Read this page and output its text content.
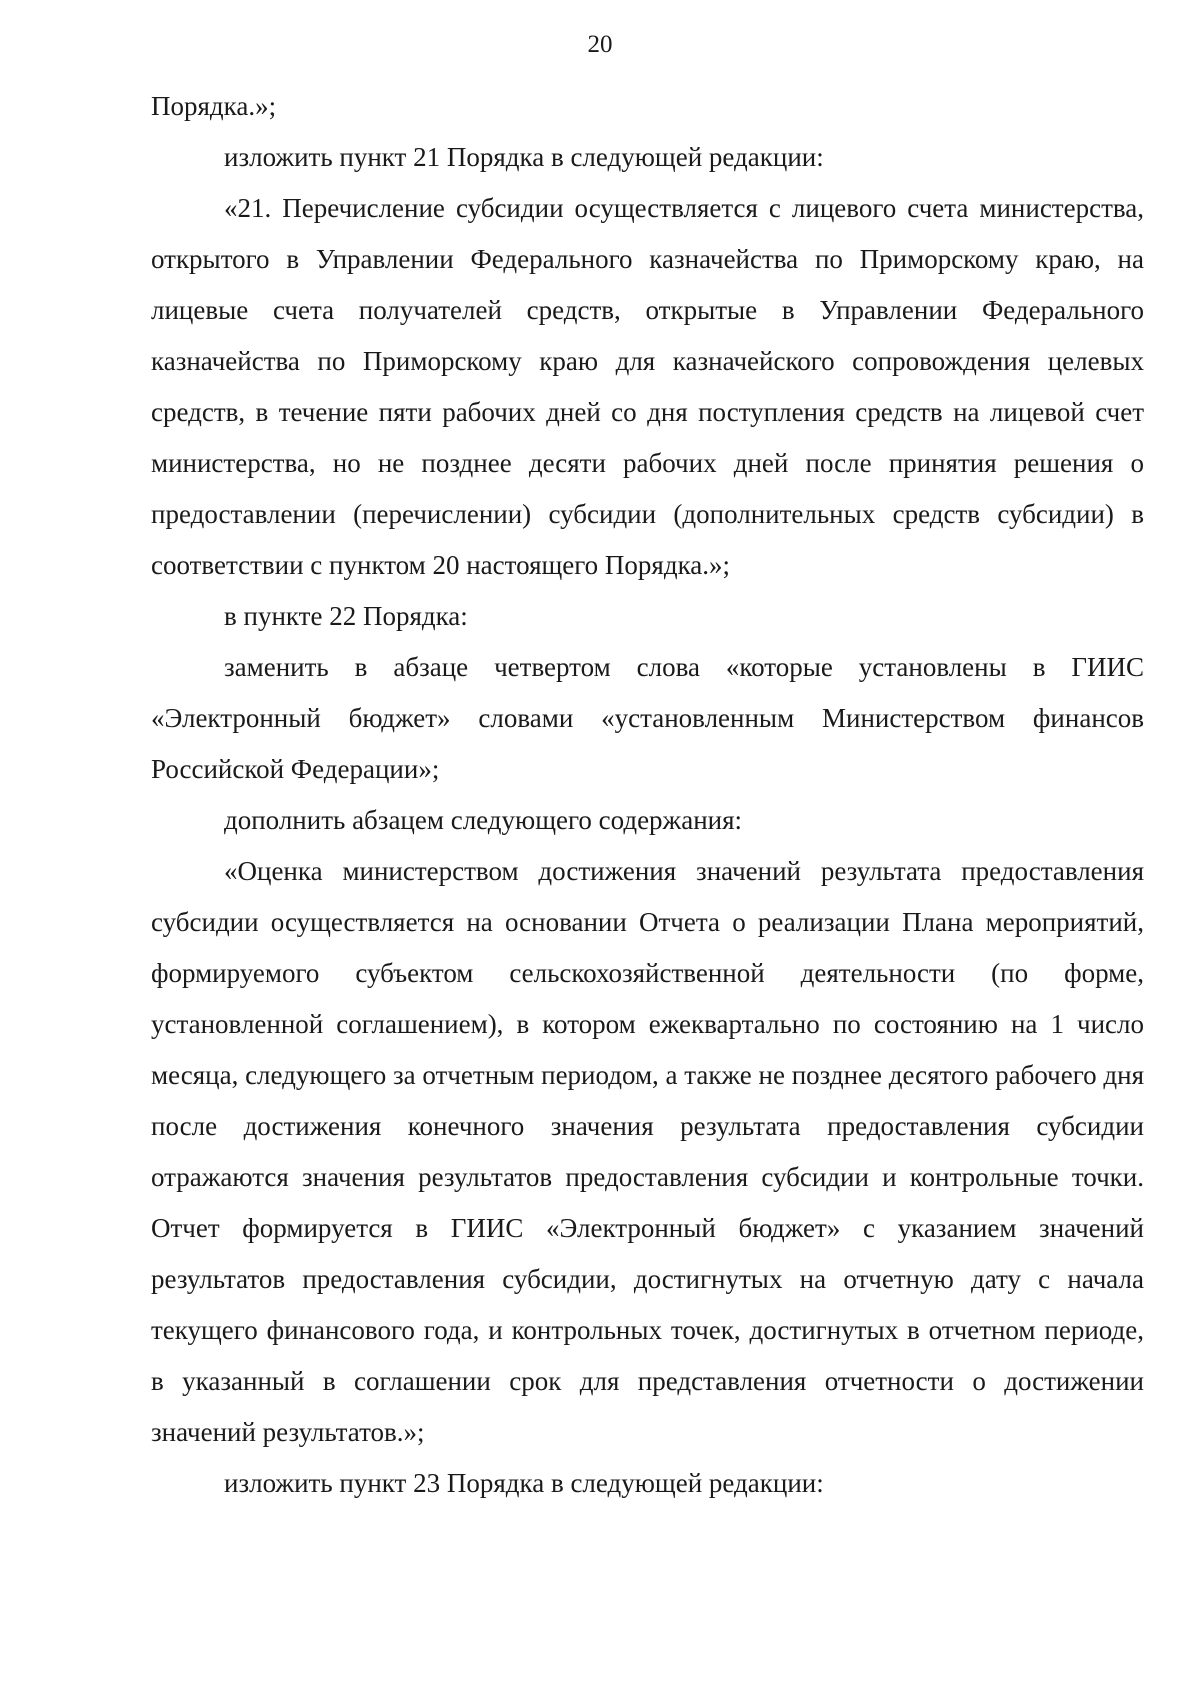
20

Порядка.»;

изложить пункт 21 Порядка в следующей редакции:

«21. Перечисление субсидии осуществляется с лицевого счета министерства, открытого в Управлении Федерального казначейства по Приморскому краю, на лицевые счета получателей средств, открытые в Управлении Федерального казначейства по Приморскому краю для казначейского сопровождения целевых средств, в течение пяти рабочих дней со дня поступления средств на лицевой счет министерства, но не позднее десяти рабочих дней после принятия решения о предоставлении (перечислении) субсидии (дополнительных средств субсидии) в соответствии с пунктом 20 настоящего Порядка.»;

в пункте 22 Порядка:

заменить в абзаце четвертом слова «которые установлены в ГИИС «Электронный бюджет» словами «установленным Министерством финансов Российской Федерации»;

дополнить абзацем следующего содержания:

«Оценка министерством достижения значений результата предоставления субсидии осуществляется на основании Отчета о реализации Плана мероприятий, формируемого субъектом сельскохозяйственной деятельности (по форме, установленной соглашением), в котором ежеквартально по состоянию на 1 число месяца, следующего за отчетным периодом, а также не позднее десятого рабочего дня после достижения конечного значения результата предоставления субсидии отражаются значения результатов предоставления субсидии и контрольные точки. Отчет формируется в ГИИС «Электронный бюджет» с указанием значений результатов предоставления субсидии, достигнутых на отчетную дату с начала текущего финансового года, и контрольных точек, достигнутых в отчетном периоде, в указанный в соглашении срок для представления отчетности о достижении значений результатов.»;

изложить пункт 23 Порядка в следующей редакции:
